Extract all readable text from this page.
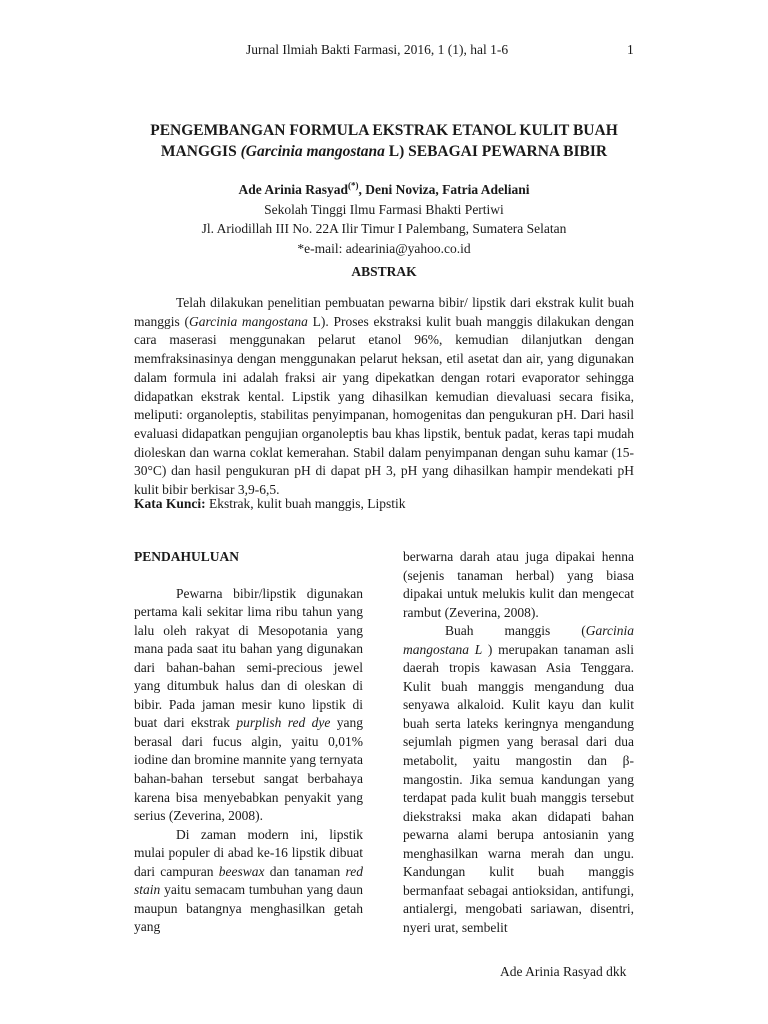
Jurnal Ilmiah Bakti Farmasi, 2016, 1 (1), hal 1-6	1
PENGEMBANGAN FORMULA EKSTRAK ETANOL KULIT BUAH
MANGGIS (Garcinia mangostana L) SEBAGAI PEWARNA BIBIR
Ade Arinia Rasyad(*), Deni Noviza, Fatria Adeliani
Sekolah Tinggi Ilmu Farmasi Bhakti Pertiwi
Jl. Ariodillah III No. 22A Ilir Timur I Palembang, Sumatera Selatan
*e-mail: adearinia@yahoo.co.id
ABSTRAK
Telah dilakukan penelitian pembuatan pewarna bibir/ lipstik dari ekstrak kulit buah manggis (Garcinia mangostana L). Proses ekstraksi kulit buah manggis dilakukan dengan cara maserasi menggunakan pelarut etanol 96%, kemudian dilanjutkan dengan memfraksinasinya dengan menggunakan pelarut heksan, etil asetat dan air, yang digunakan dalam formula ini adalah fraksi air yang dipekatkan dengan rotari evaporator sehingga didapatkan ekstrak kental. Lipstik yang dihasilkan kemudian dievaluasi secara fisika, meliputi: organoleptis, stabilitas penyimpanan, homogenitas dan pengukuran pH. Dari hasil evaluasi didapatkan pengujian organoleptis bau khas lipstik, bentuk padat, keras tapi mudah dioleskan dan warna coklat kemerahan. Stabil dalam penyimpanan dengan suhu kamar (15-30°C) dan hasil pengukuran pH di dapat pH 3, pH yang dihasilkan hampir mendekati pH kulit bibir berkisar 3,9-6,5.
Kata Kunci: Ekstrak, kulit buah manggis, Lipstik

PENDAHULUAN

Pewarna bibir/lipstik digunakan pertama kali sekitar lima ribu tahun yang lalu oleh rakyat di Mesopotania yang mana pada saat itu bahan yang digunakan dari bahan-bahan semi-precious jewel yang ditumbuk halus dan di oleskan di bibir. Pada jaman mesir kuno lipstik di buat dari ekstrak purplish red dye yang berasal dari fucus algin, yaitu 0,01% iodine dan bromine mannite yang ternyata bahan-bahan tersebut sangat berbahaya karena bisa menyebabkan penyakit yang serius (Zeverina, 2008).

Di zaman modern ini, lipstik mulai populer di abad ke-16 lipstik dibuat dari campuran beeswax dan tanaman red stain yaitu semacam tumbuhan yang daun maupun batangnya menghasilkan getah yang

berwarna darah atau juga dipakai henna (sejenis tanaman herbal) yang biasa dipakai untuk melukis kulit dan mengecat rambut (Zeverina, 2008).

Buah manggis (Garcinia mangostana L ) merupakan tanaman asli daerah tropis kawasan Asia Tenggara. Kulit buah manggis mengandung dua senyawa alkaloid. Kulit kayu dan kulit buah serta lateks keringnya mengandung sejumlah pigmen yang berasal dari dua metabolit, yaitu mangostin dan β-mangostin. Jika semua kandungan yang terdapat pada kulit buah manggis tersebut diekstraksi maka akan didapati bahan pewarna alami berupa antosianin yang menghasilkan warna merah dan ungu. Kandungan kulit buah manggis bermanfaat sebagai antioksidan, antifungi, antialergi, mengobati sariawan, disentri, nyeri urat, sembelit

Ade Arinia Rasyad dkk
